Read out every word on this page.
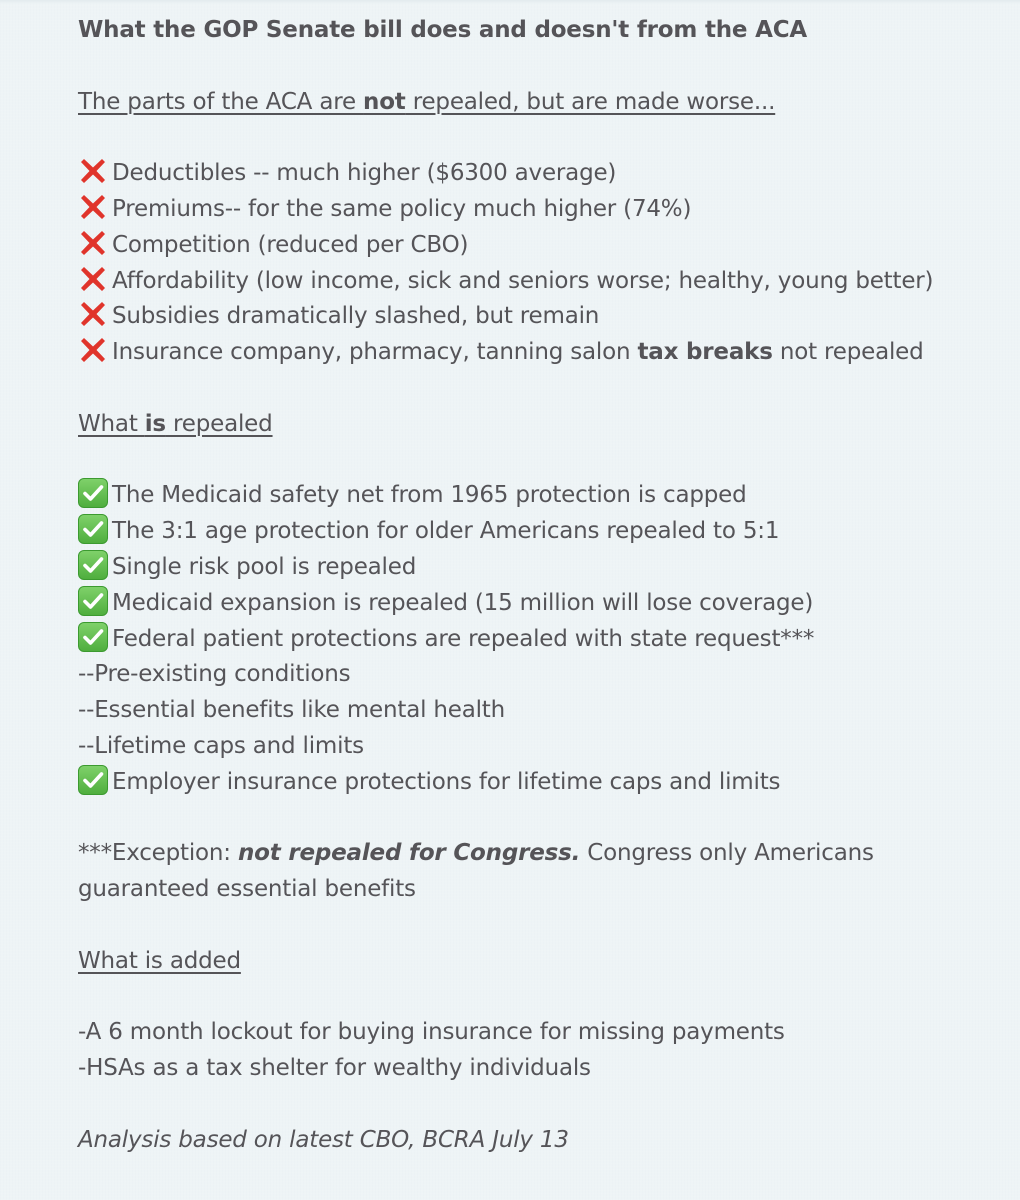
What the GOP Senate bill does and doesn't from the ACA
The parts of the ACA are not repealed, but are made worse...
Deductibles -- much higher ($6300 average)
Premiums-- for the same policy much higher (74%)
Competition (reduced per CBO)
Affordability (low income, sick and seniors worse; healthy, young better)
Subsidies dramatically slashed, but remain
Insurance company, pharmacy, tanning salon tax breaks not repealed
What is repealed
The Medicaid safety net from 1965 protection is capped
The 3:1 age protection for older Americans repealed to 5:1
Single risk pool is repealed
Medicaid expansion is repealed (15 million will lose coverage)
Federal patient protections are repealed with state request***
--Pre-existing conditions
--Essential benefits like mental health
--Lifetime caps and limits
Employer insurance protections for lifetime caps and limits
***Exception: not repealed for Congress. Congress only Americans guaranteed essential benefits
What is added
-A 6 month lockout for buying insurance for missing payments
-HSAs as a tax shelter for wealthy individuals
Analysis based on latest CBO, BCRA July 13
